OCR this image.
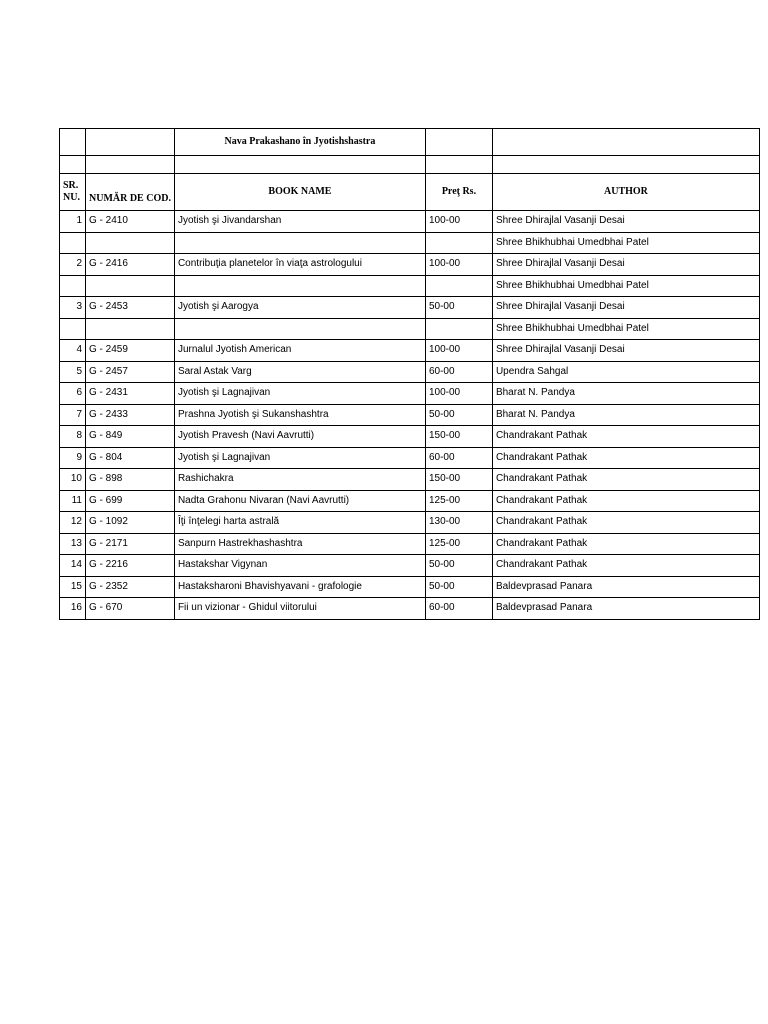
		Nava Prakashano în Jyotishshastra		

SR. NU.	NUMĂR DE COD.	BOOK NAME	Preţ Rs.	AUTHOR
1	G - 2410	Jyotish şi Jivandarshan	100-00	Shree Dhirajlal Vasanji Desai
				Shree Bhikhubhai Umedbhai Patel
2	G - 2416	Contribuţia planetelor în viaţa astrologului	100-00	Shree Dhirajlal Vasanji Desai
				Shree Bhikhubhai Umedbhai Patel
3	G - 2453	Jyotish şi Aarogya	50-00	Shree Dhirajlal Vasanji Desai
				Shree Bhikhubhai Umedbhai Patel
4	G - 2459	Jurnalul Jyotish American	100-00	Shree Dhirajlal Vasanji Desai
5	G - 2457	Saral Astak Varg	60-00	Upendra Sahgal
6	G - 2431	Jyotish şi Lagnajivan	100-00	Bharat N. Pandya
7	G - 2433	Prashna Jyotish şi Sukanshashtra	50-00	Bharat N. Pandya
8	G - 849	Jyotish Pravesh (Navi Aavrutti)	150-00	Chandrakant Pathak
9	G - 804	Jyotish şi Lagnajivan	60-00	Chandrakant Pathak
10	G - 898	Rashichakra	150-00	Chandrakant Pathak
11	G - 699	Nadta Grahonu Nivaran (Navi Aavrutti)	125-00	Chandrakant Pathak
12	G - 1092	Îţi înţelegi harta astrală	130-00	Chandrakant Pathak
13	G - 2171	Sanpurn Hastrekhashashtra	125-00	Chandrakant Pathak
14	G - 2216	Hastakshar Vigynan	50-00	Chandrakant Pathak
15	G - 2352	Hastaksharoni Bhavishyavani - grafologie	50-00	Baldevprasad Panara
16	G - 670	Fii un vizionar - Ghidul viitorului	60-00	Baldevprasad Panara
